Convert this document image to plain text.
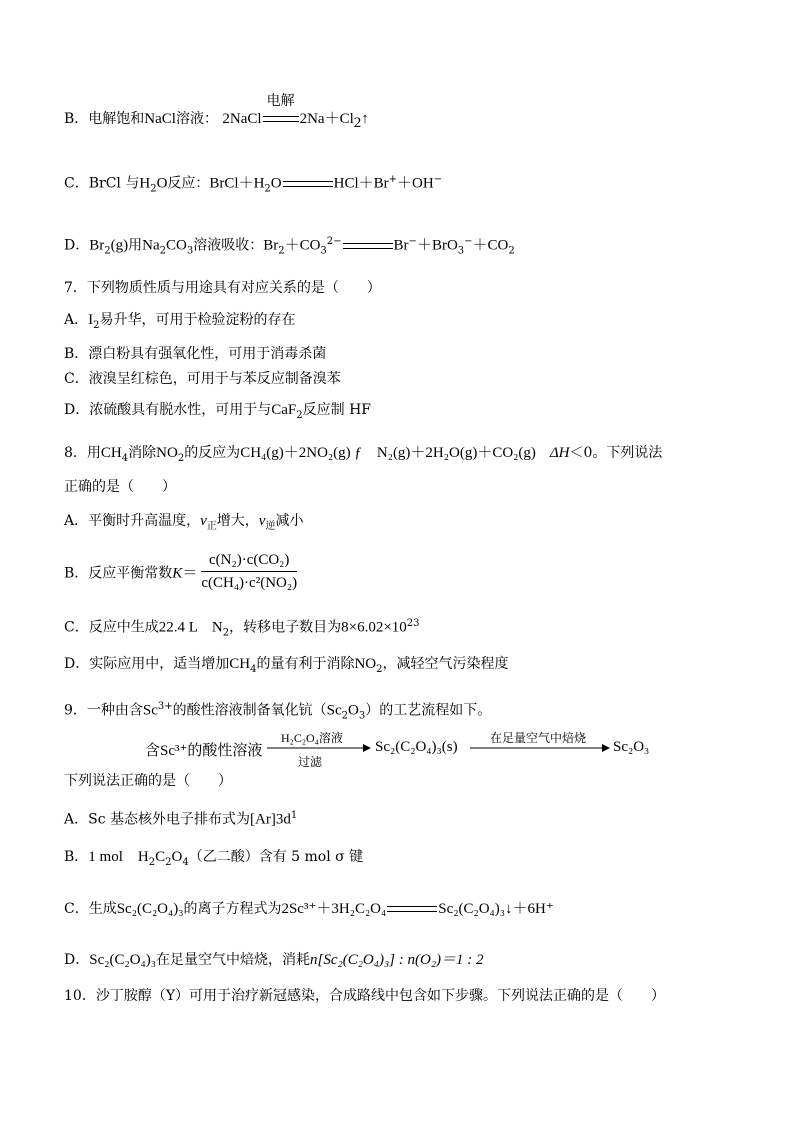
B．电解饱和NaCl溶液： 2NaCl
电解
$2Na+Cl_2↑$
C．BrCl 与$H_2O$反应：$BrCl+H_2O$	HCl＋Br+＋OH−
D．$Br_2(g)$用$Na_2CO_3$溶液吸收：$Br_2+CO_3^{2-}$	$Br^-+BrO_3^-+CO_2$
7．下列物质性质与用途具有对应关系的是（　　）
A．$I_2$易升华，可用于检验淀粉的存在
B．漂白粉具有强氧化性，可用于消毒杀菌
C．液溴呈红棕色，可用于与苯反应制备溴苯
D．浓硫酸具有脱水性，可用于与CaF$_2$反应制 HF
8．用$CH_4$消除$NO_2$的反应为CH₄(g)＋2NO₂(g) ƒ　N₂(g)＋2H₂O(g)＋CO₂(g)　 ΔH＜0。下列说法
正确的是（　　）
A．平衡时升高温度，$v_正$增大，$v_逆$减小
B．反应平衡常数$K= \frac{\text{c(N₂)·c(CO₂)}}{\text{c(CH₄)·c²(NO₂)}}$
C．反应中生成22.4 L　 $N_2$，转移电子数目为$8\times 6.02\times 10^{23}$
D．实际应用中，适当增加$CH_4$的量有利于消除$NO_2$，减轻空气污染程度
9．一种由含$Sc^{3+}$的酸性溶液制备氧化钪$(Sc_2O_3)$的工艺流程如下。
含Sc³⁺的酸性溶液
H₂C₂O₄溶液
过滤
Sc₂(C₂O₄)₃(s)
在足量空气中焙烧
Sc₂O₃
下列说法正确的是（　　）
A．Sc 基态核外电子排布式为$[Ar]3d^1$
B．1 mol　$H_2C_2O_4$（乙二酸）含有 5 mol σ 键
C．生成Sc₂(C₂O₄)₃的离子方程式为2Sc³⁺＋3H₂C₂O₄	Sc₂(C₂O₄)₃↓＋6H⁺
D．Sc₂(C₂O₄)₃在足量空气中焙烧，消耗n[Sc₂(C₂O₄)₃] : n(O₂)＝1 : 2
10．沙丁胺醇（Y）可用于治疗新冠感染，合成路线中包含如下步骤。下列说法正确的是（　　）
